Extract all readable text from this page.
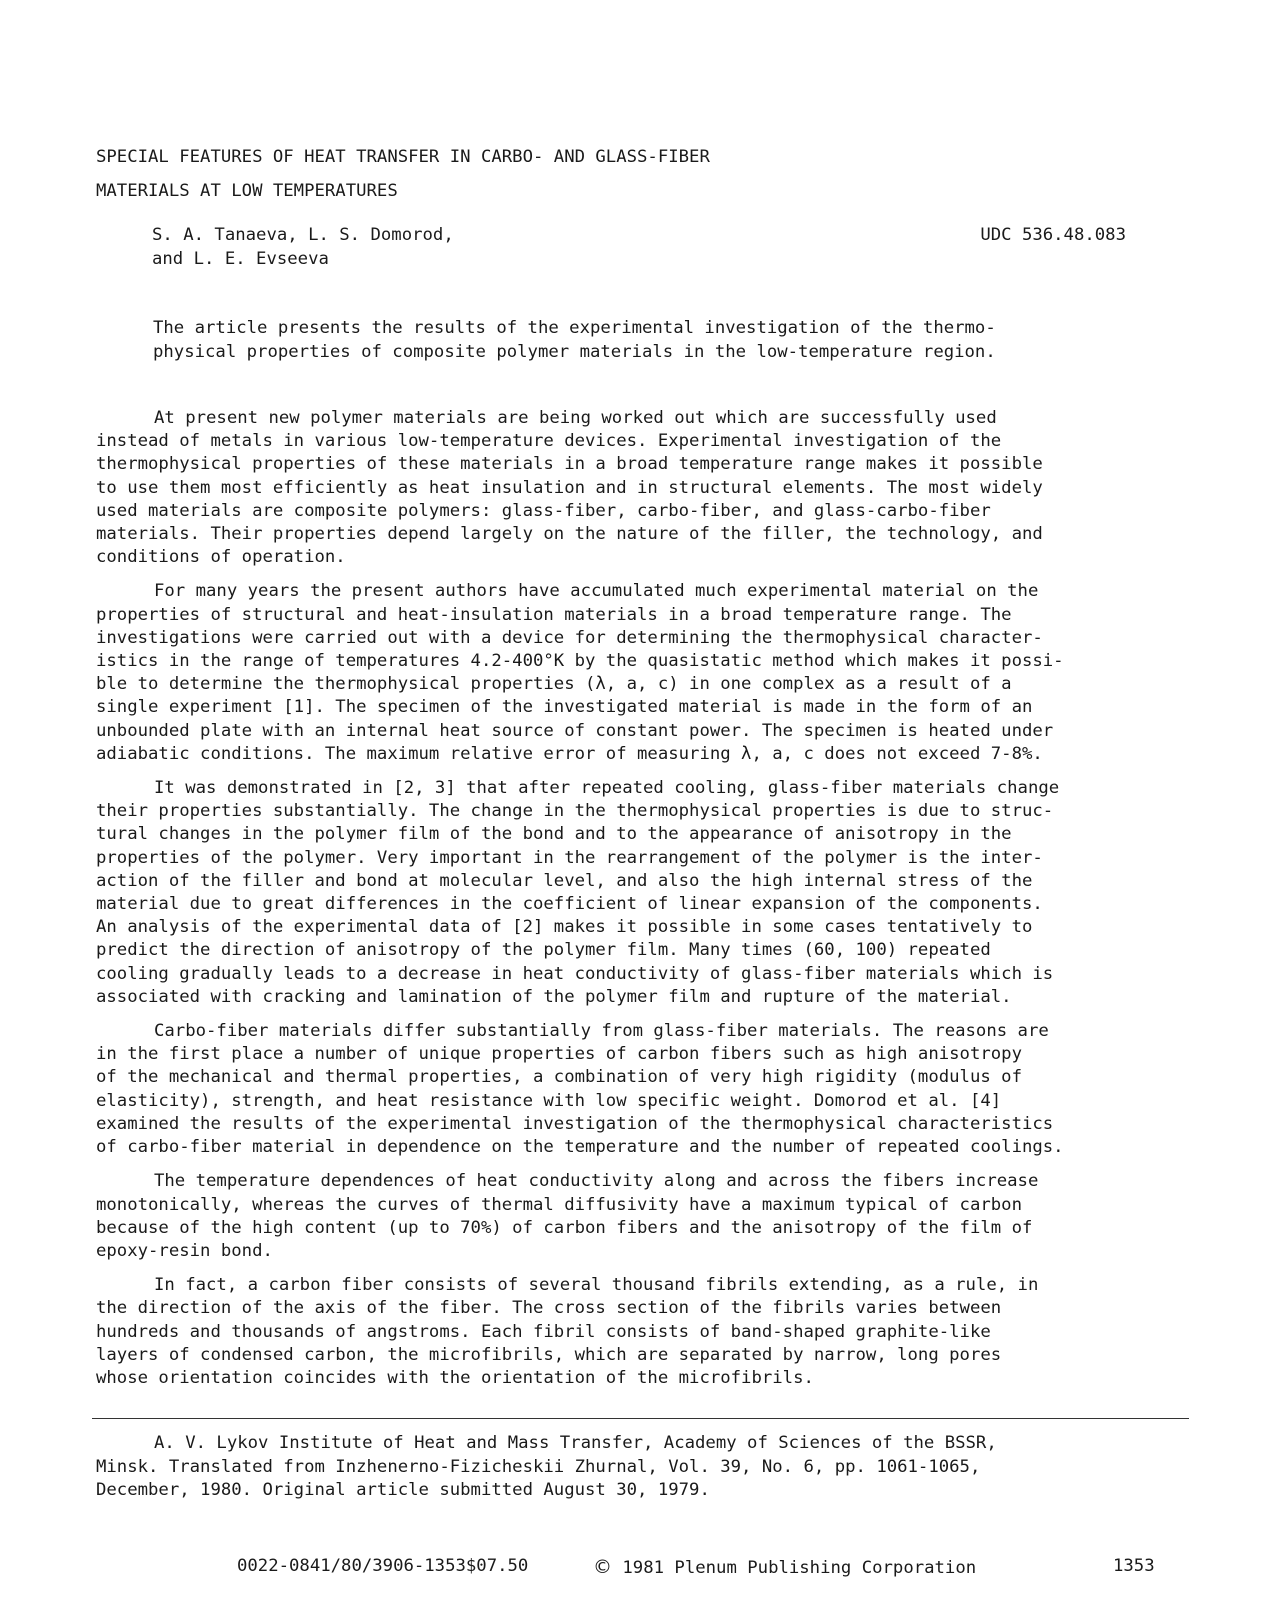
SPECIAL FEATURES OF HEAT TRANSFER IN CARBO- AND GLASS-FIBER
MATERIALS AT LOW TEMPERATURES
S. A. Tanaeva, L. S. Domorod,
and L. E. Evseeva
UDC 536.48.083
The article presents the results of the experimental investigation of the thermo-
physical properties of composite polymer materials in the low-temperature region.
At present new polymer materials are being worked out which are successfully used
instead of metals in various low-temperature devices. Experimental investigation of the
thermophysical properties of these materials in a broad temperature range makes it possible
to use them most efficiently as heat insulation and in structural elements. The most widely
used materials are composite polymers: glass-fiber, carbo-fiber, and glass-carbo-fiber
materials. Their properties depend largely on the nature of the filler, the technology, and
conditions of operation.
For many years the present authors have accumulated much experimental material on the
properties of structural and heat-insulation materials in a broad temperature range. The
investigations were carried out with a device for determining the thermophysical character-
istics in the range of temperatures 4.2-400°K by the quasistatic method which makes it possi-
ble to determine the thermophysical properties (λ, a, c) in one complex as a result of a
single experiment [1]. The specimen of the investigated material is made in the form of an
unbounded plate with an internal heat source of constant power. The specimen is heated under
adiabatic conditions. The maximum relative error of measuring λ, a, c does not exceed 7-8%.
It was demonstrated in [2, 3] that after repeated cooling, glass-fiber materials change
their properties substantially. The change in the thermophysical properties is due to struc-
tural changes in the polymer film of the bond and to the appearance of anisotropy in the
properties of the polymer. Very important in the rearrangement of the polymer is the inter-
action of the filler and bond at molecular level, and also the high internal stress of the
material due to great differences in the coefficient of linear expansion of the components.
An analysis of the experimental data of [2] makes it possible in some cases tentatively to
predict the direction of anisotropy of the polymer film. Many times (60, 100) repeated
cooling gradually leads to a decrease in heat conductivity of glass-fiber materials which is
associated with cracking and lamination of the polymer film and rupture of the material.
Carbo-fiber materials differ substantially from glass-fiber materials. The reasons are
in the first place a number of unique properties of carbon fibers such as high anisotropy
of the mechanical and thermal properties, a combination of very high rigidity (modulus of
elasticity), strength, and heat resistance with low specific weight. Domorod et al. [4]
examined the results of the experimental investigation of the thermophysical characteristics
of carbo-fiber material in dependence on the temperature and the number of repeated coolings.
The temperature dependences of heat conductivity along and across the fibers increase
monotonically, whereas the curves of thermal diffusivity have a maximum typical of carbon
because of the high content (up to 70%) of carbon fibers and the anisotropy of the film of
epoxy-resin bond.
In fact, a carbon fiber consists of several thousand fibrils extending, as a rule, in
the direction of the axis of the fiber. The cross section of the fibrils varies between
hundreds and thousands of angstroms. Each fibril consists of band-shaped graphite-like
layers of condensed carbon, the microfibrils, which are separated by narrow, long pores
whose orientation coincides with the orientation of the microfibrils.
A. V. Lykov Institute of Heat and Mass Transfer, Academy of Sciences of the BSSR,
Minsk. Translated from Inzhenerno-Fizicheskii Zhurnal, Vol. 39, No. 6, pp. 1061-1065,
December, 1980. Original article submitted August 30, 1979.
0022-0841/80/3906-1353$07.50	© 1981 Plenum Publishing Corporation	1353
